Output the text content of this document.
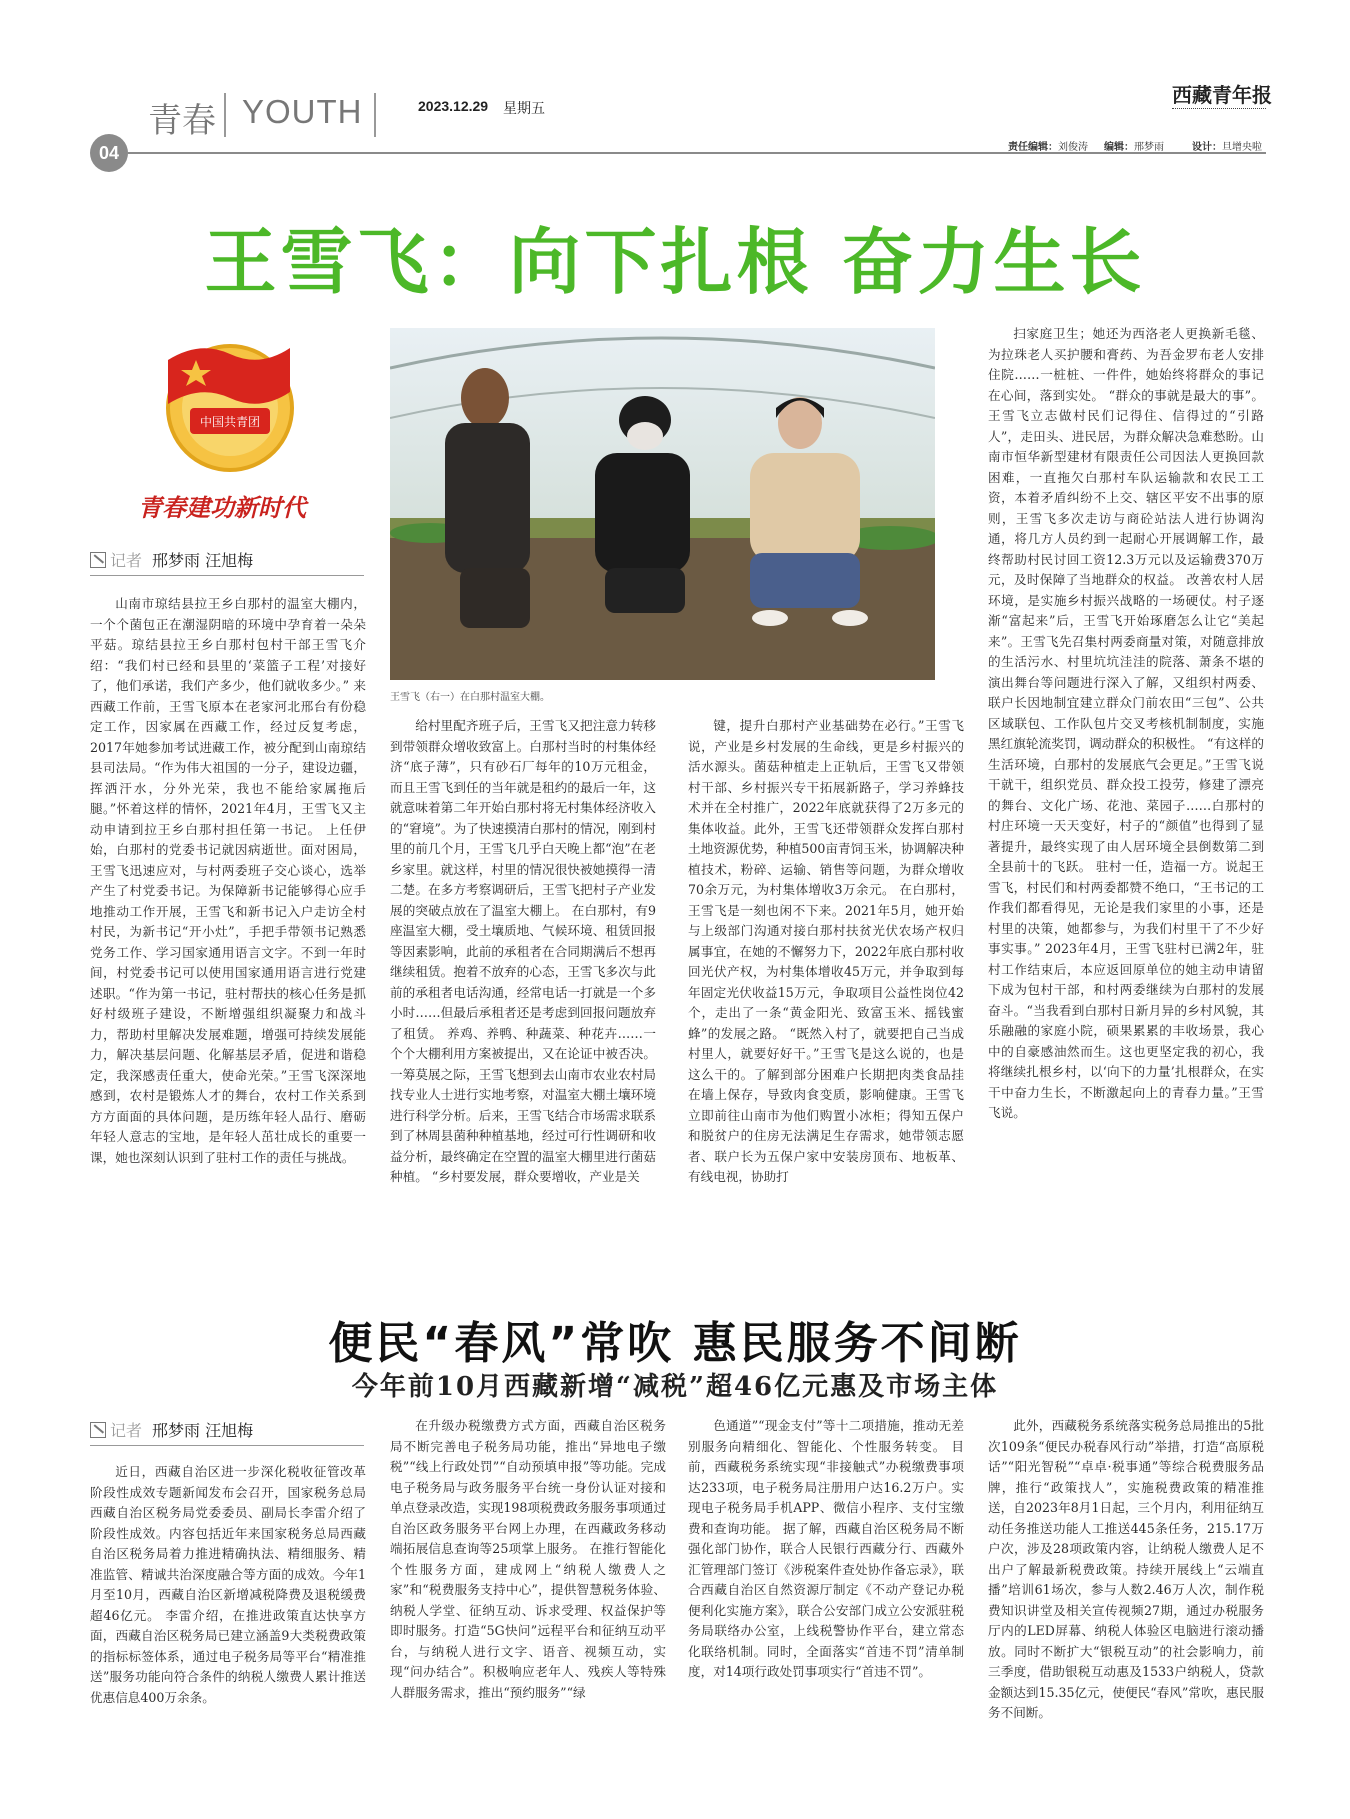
青春 YOUTH	2023.12.29 星期五
04
西藏青年报
责任编辑：刘俊涛 编辑：邢梦雨	设计：旦增央啦
王雪飞：向下扎根 奋力生长
中国共青团
青春建功新时代
记者 邢梦雨 汪旭梅
王雪飞（右一）在白那村温室大棚。
山南市琼结县拉王乡白那村的温室大棚内，一个个菌包正在潮湿阴暗的环境中孕育着一朵朵平菇。琼结县拉王乡白那村包村干部王雪飞介绍：“我们村已经和县里的‘菜篮子工程’对接好了，他们承诺，我们产多少，他们就收多少。” 来西藏工作前，王雪飞原本在老家河北邢台有份稳定工作，因家属在西藏工作，经过反复考虑，2017年她参加考试进藏工作，被分配到山南琼结县司法局。“作为伟大祖国的一分子，建设边疆，挥洒汗水，分外光荣，我也不能给家属拖后腿。”怀着这样的情怀，2021年4月，王雪飞又主动申请到拉王乡白那村担任第一书记。 上任伊始，白那村的党委书记就因病逝世。面对困局，王雪飞迅速应对，与村两委班子交心谈心，选举产生了村党委书记。为保障新书记能够得心应手地推动工作开展，王雪飞和新书记入户走访全村村民，为新书记“开小灶”，手把手带领书记熟悉党务工作、学习国家通用语言文字。不到一年时间，村党委书记可以使用国家通用语言进行党建述职。“作为第一书记，驻村帮扶的核心任务是抓好村级班子建设，不断增强组织凝聚力和战斗力，帮助村里解决发展难题，增强可持续发展能力，解决基层问题、化解基层矛盾，促进和谐稳定，我深感责任重大，使命光荣。”王雪飞深深地感到，农村是锻炼人才的舞台，农村工作关系到方方面面的具体问题，是历练年轻人品行、磨砺年轻人意志的宝地，是年轻人茁壮成长的重要一课，她也深刻认识到了驻村工作的责任与挑战。
给村里配齐班子后，王雪飞又把注意力转移到带领群众增收致富上。白那村当时的村集体经济“底子薄”，只有砂石厂每年的10万元租金，而且王雪飞到任的当年就是租约的最后一年，这就意味着第二年开始白那村将无村集体经济收入的“窘境”。为了快速摸清白那村的情况，刚到村里的前几个月，王雪飞几乎白天晚上都“泡”在老乡家里。就这样，村里的情况很快被她摸得一清二楚。在多方考察调研后，王雪飞把村子产业发展的突破点放在了温室大棚上。 在白那村，有9座温室大棚，受土壤质地、气候环境、租赁回报等因素影响，此前的承租者在合同期满后不想再继续租赁。抱着不放弃的心态，王雪飞多次与此前的承租者电话沟通，经常电话一打就是一个多小时……但最后承租者还是考虑到回报问题放弃了租赁。 养鸡、养鸭、种蔬菜、种花卉……一个个大棚利用方案被提出，又在论证中被否决。一筹莫展之际，王雪飞想到去山南市农业农村局找专业人士进行实地考察，对温室大棚土壤环境进行科学分析。后来，王雪飞结合市场需求联系到了林周县菌种种植基地，经过可行性调研和收益分析，最终确定在空置的温室大棚里进行菌菇种植。 “乡村要发展，群众要增收，产业是关
键，提升白那村产业基础势在必行。”王雪飞说，产业是乡村发展的生命线，更是乡村振兴的活水源头。菌菇种植走上正轨后，王雪飞又带领村干部、乡村振兴专干拓展新路子，学习养蜂技术并在全村推广，2022年底就获得了2万多元的集体收益。此外，王雪飞还带领群众发挥白那村土地资源优势，种植500亩青饲玉米，协调解决种植技术，粉碎、运输、销售等问题，为群众增收70余万元，为村集体增收3万余元。 在白那村，王雪飞是一刻也闲不下来。2021年5月，她开始与上级部门沟通对接白那村扶贫光伏农场产权归属事宜，在她的不懈努力下，2022年底白那村收回光伏产权，为村集体增收45万元，并争取到每年固定光伏收益15万元，争取项目公益性岗位42个，走出了一条“黄金阳光、致富玉米、摇钱蜜蜂”的发展之路。 “既然入村了，就要把自己当成村里人，就要好好干。”王雪飞是这么说的，也是这么干的。了解到部分困难户长期把肉类食品挂在墙上保存，导致肉食变质，影响健康。王雪飞立即前往山南市为他们购置小冰柜；得知五保户和脱贫户的住房无法满足生存需求，她带领志愿者、联户长为五保户家中安装房顶布、地板革、有线电视，协助打
扫家庭卫生；她还为西洛老人更换新毛毯、为拉珠老人买护腰和膏药、为吾金罗布老人安排住院……一桩桩、一件件，她始终将群众的事记在心间，落到实处。 “群众的事就是最大的事”。王雪飞立志做村民们记得住、信得过的“引路人”，走田头、进民居，为群众解决急难愁盼。山南市恒华新型建材有限责任公司因法人更换回款困难，一直拖欠白那村车队运输款和农民工工资，本着矛盾纠纷不上交、辖区平安不出事的原则，王雪飞多次走访与商砼站法人进行协调沟通，将几方人员约到一起耐心开展调解工作，最终帮助村民讨回工资12.3万元以及运输费370万元，及时保障了当地群众的权益。 改善农村人居环境，是实施乡村振兴战略的一场硬仗。村子逐渐“富起来”后，王雪飞开始琢磨怎么让它“美起来”。王雪飞先召集村两委商量对策，对随意排放的生活污水、村里坑坑洼洼的院落、萧条不堪的演出舞台等问题进行深入了解，又组织村两委、联户长因地制宜建立群众门前农田“三包”、公共区域联包、工作队包片交叉考核机制制度，实施黑红旗轮流奖罚，调动群众的积极性。 “有这样的生活环境，白那村的发展底气会更足。”王雪飞说干就干，组织党员、群众投工投劳，修建了漂亮的舞台、文化广场、花池、菜园子……白那村的村庄环境一天天变好，村子的“颜值”也得到了显著提升，最终实现了由人居环境全县倒数第二到全县前十的飞跃。 驻村一任，造福一方。说起王雪飞，村民们和村两委都赞不绝口，“王书记的工作我们都看得见，无论是我们家里的小事，还是村里的决策，她都参与，为我们村里干了不少好事实事。” 2023年4月，王雪飞驻村已满2年，驻村工作结束后，本应返回原单位的她主动申请留下成为包村干部，和村两委继续为白那村的发展奋斗。“当我看到白那村日新月异的乡村风貌，其乐融融的家庭小院，硕果累累的丰收场景，我心中的自豪感油然而生。这也更坚定我的初心，我将继续扎根乡村，以‘向下的力量’扎根群众，在实干中奋力生长，不断激起向上的青春力量。”王雪飞说。
便民“春风”常吹 惠民服务不间断
今年前10月西藏新增“减税”超46亿元惠及市场主体
记者 邢梦雨 汪旭梅
近日，西藏自治区进一步深化税收征管改革阶段性成效专题新闻发布会召开，国家税务总局西藏自治区税务局党委委员、副局长李雷介绍了阶段性成效。内容包括近年来国家税务总局西藏自治区税务局着力推进精确执法、精细服务、精准监管、精诚共治深度融合等方面的成效。今年1月至10月，西藏自治区新增减税降费及退税缓费超46亿元。 李雷介绍，在推进政策直达快享方面，西藏自治区税务局已建立涵盖9大类税费政策的指标标签体系，通过电子税务局等平台“精准推送”服务功能向符合条件的纳税人缴费人累计推送优惠信息400万余条。
在升级办税缴费方式方面，西藏自治区税务局不断完善电子税务局功能，推出“异地电子缴税”“线上行政处罚”“自动预填申报”等功能。完成电子税务局与政务服务平台统一身份认证对接和单点登录改造，实现198项税费政务服务事项通过自治区政务服务平台网上办理，在西藏政务移动端拓展信息查询等25项掌上服务。 在推行智能化个性服务方面，建成网上“纳税人缴费人之家”和“税费服务支持中心”，提供智慧税务体验、纳税人学堂、征纳互动、诉求受理、权益保护等即时服务。打造“5G快问”远程平台和征纳互动平台，与纳税人进行文字、语音、视频互动，实现“问办结合”。积极响应老年人、残疾人等特殊人群服务需求，推出“预约服务”“绿
色通道”“现金支付”等十二项措施，推动无差别服务向精细化、智能化、个性服务转变。 目前，西藏税务系统实现“非接触式”办税缴费事项达233项，电子税务局注册用户达16.2万户。实现电子税务局手机APP、微信小程序、支付宝缴费和查询功能。 据了解，西藏自治区税务局不断强化部门协作，联合人民银行西藏分行、西藏外汇管理部门签订《涉税案件查处协作备忘录》，联合西藏自治区自然资源厅制定《不动产登记办税便利化实施方案》，联合公安部门成立公安派驻税务局联络办公室，上线税警协作平台，建立常态化联络机制。同时，全面落实“首违不罚”清单制度，对14项行政处罚事项实行“首违不罚”。
此外，西藏税务系统落实税务总局推出的5批次109条“便民办税春风行动”举措，打造“高原税话”“阳光智税”“卓卓·税事通”等综合税费服务品牌，推行“政策找人”，实施税费政策的精准推送，自2023年8月1日起，三个月内，利用征纳互动任务推送功能人工推送445条任务，215.17万户次，涉及28项政策内容，让纳税人缴费人足不出户了解最新税费政策。持续开展线上“云端直播”培训61场次，参与人数2.46万人次，制作税费知识讲堂及相关宣传视频27期，通过办税服务厅内的LED屏幕、纳税人体验区电脑进行滚动播放。同时不断扩大“银税互动”的社会影响力，前三季度，借助银税互动惠及1533户纳税人，贷款金额达到15.35亿元，使便民“春风”常吹，惠民服务不间断。
